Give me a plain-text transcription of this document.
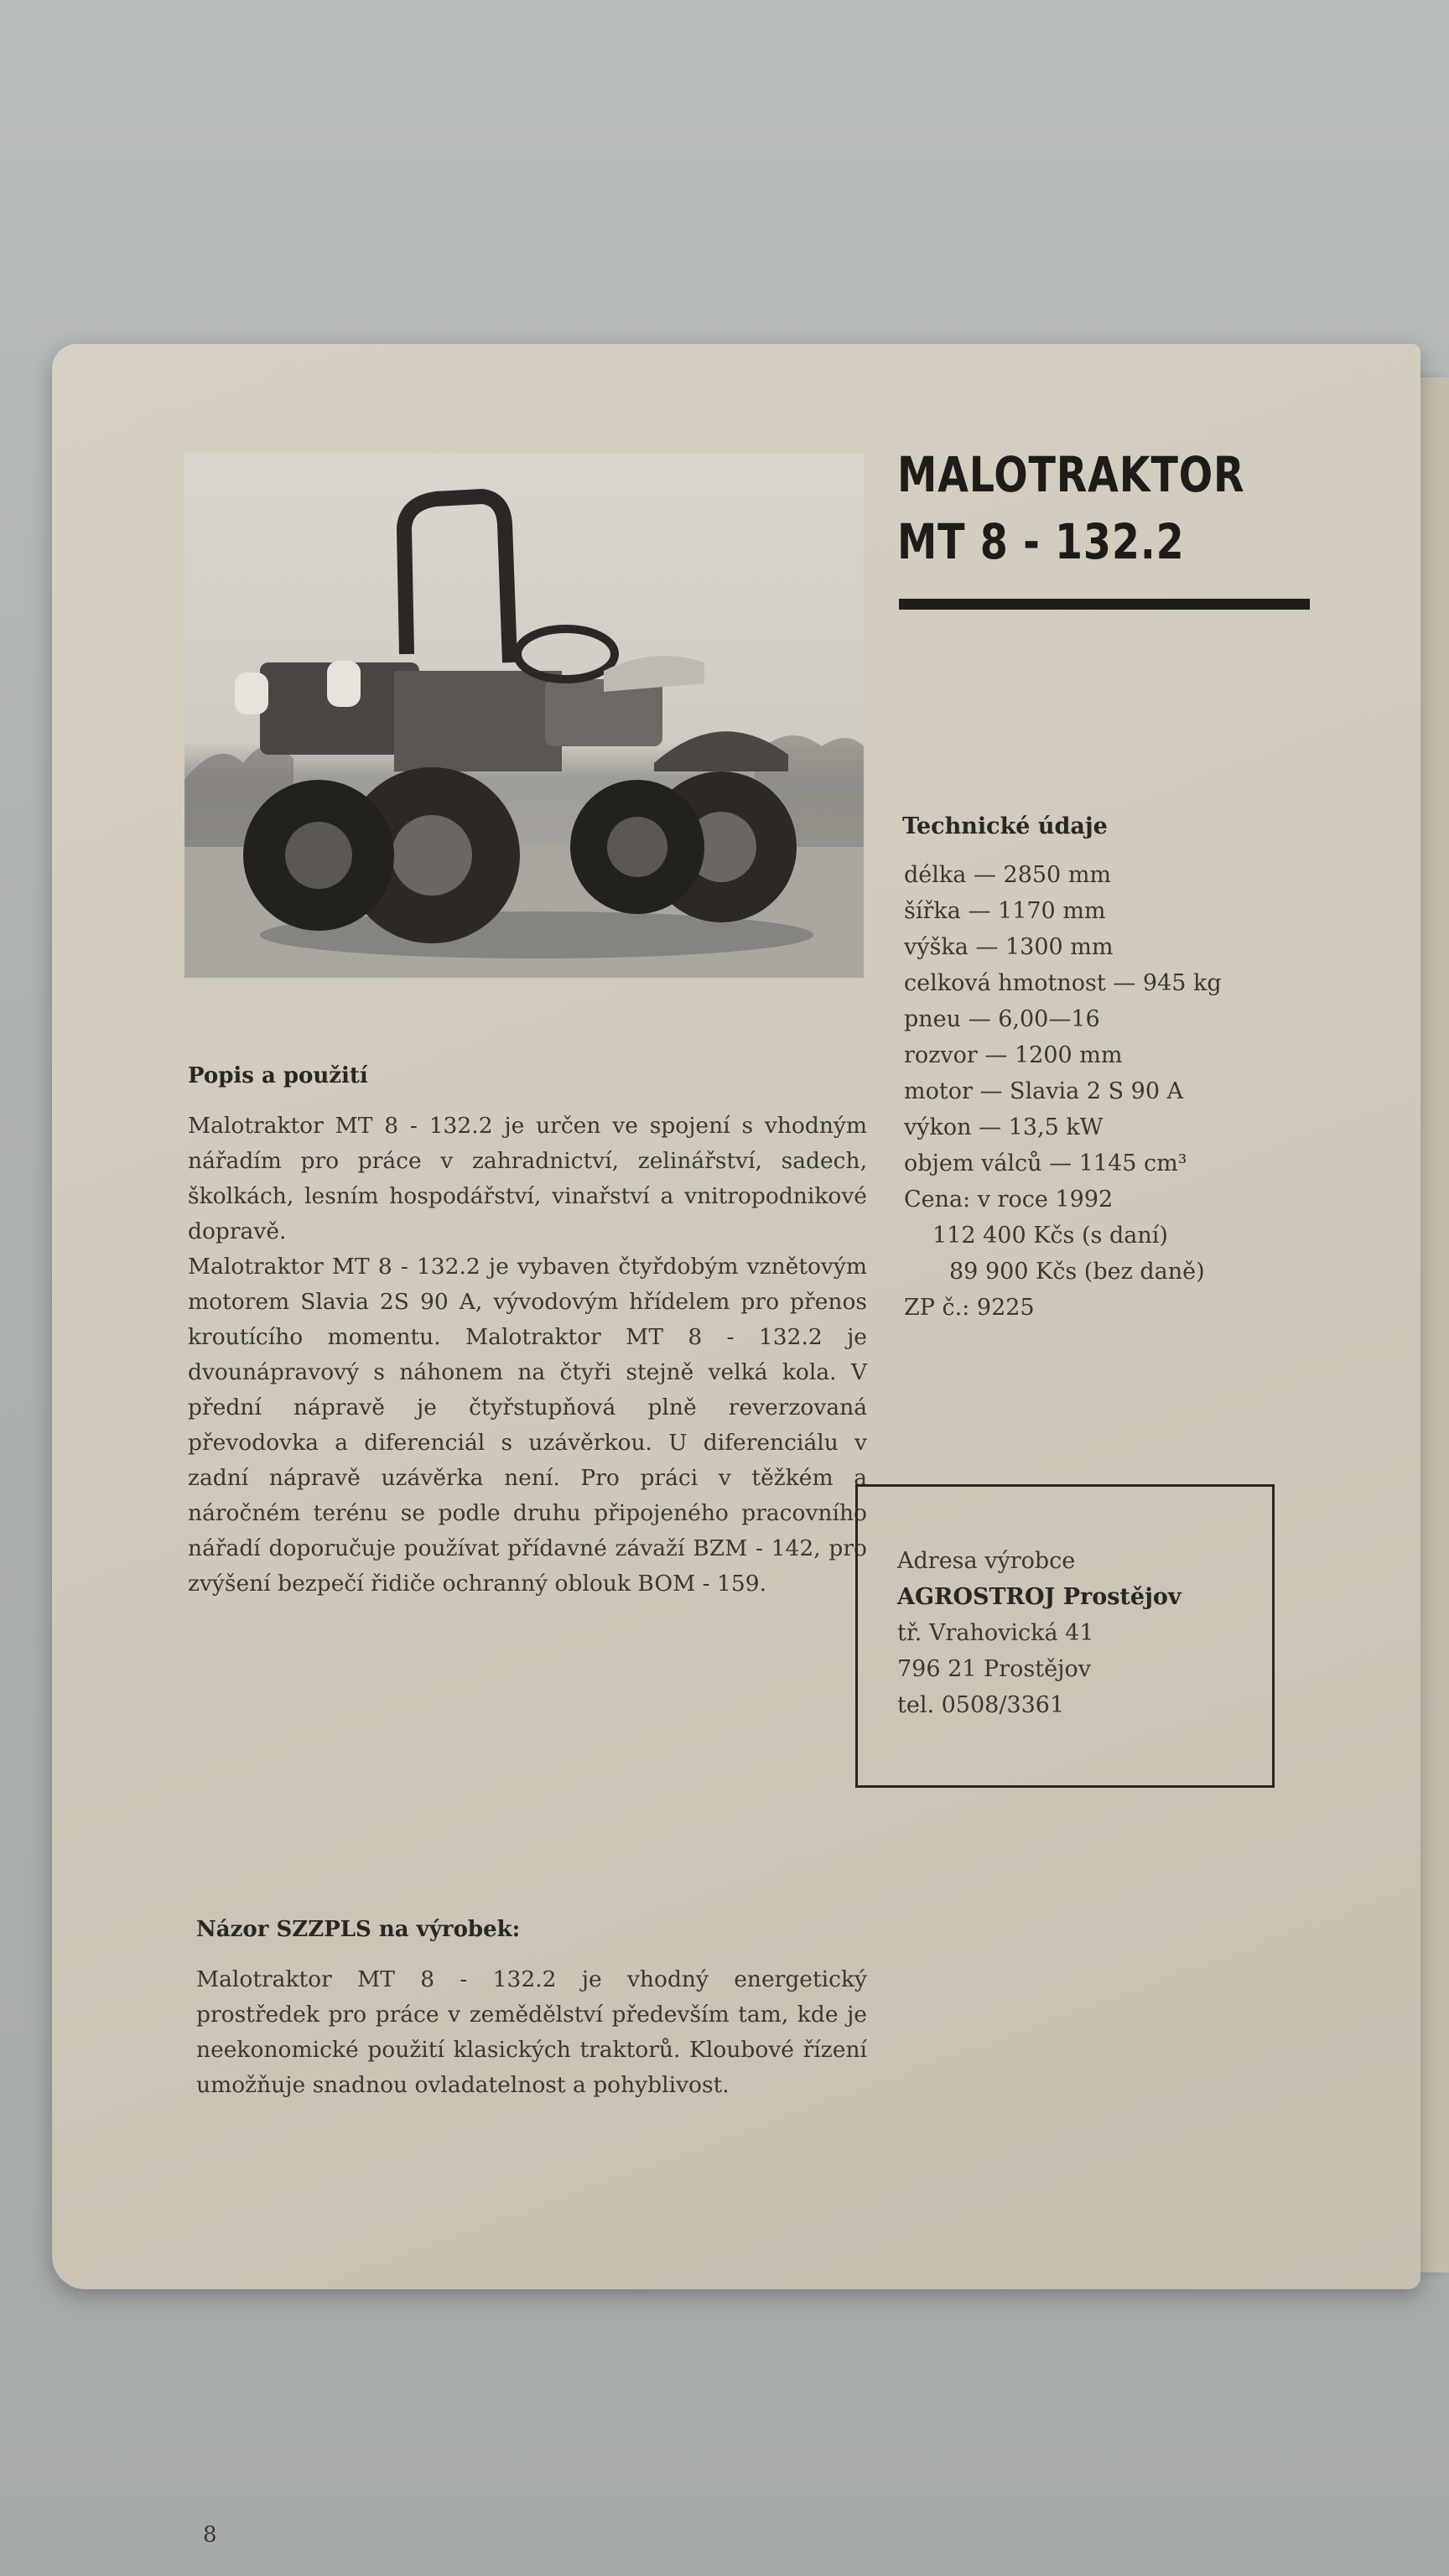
MALOTRAKTOR
MT 8 - 132.2
Technické údaje
délka — 2850 mm
šířka — 1170 mm
výška — 1300 mm
celková hmotnost — 945 kg
pneu — 6,00—16
rozvor — 1200 mm
motor — Slavia 2 S 90 A
výkon — 13,5 kW
objem válců — 1145 cm³
Cena: v roce 1992
112 400 Kčs (s daní)
89 900 Kčs (bez daně)
ZP č.: 9225
Popis a použití

Malotraktor MT 8 - 132.2 je určen ve spojení s vhodným nářadím pro práce v zahradnictví, zelinářství, sadech, školkách, lesním hospodářství, vinařství a vnitropodnikové dopravě.

Malotraktor MT 8 - 132.2 je vybaven čtyřdobým vznětovým motorem Slavia 2S 90 A, vývodovým hřídelem pro přenos kroutícího momentu. Malotraktor MT 8 - 132.2 je dvounápravový s náhonem na čtyři stejně velká kola. V přední nápravě je čtyřstupňová plně reverzovaná převodovka a diferenciál s uzávěrkou. U diferenciálu v zadní nápravě uzávěrka není. Pro práci v těžkém a náročném terénu se podle druhu připojeného pracovního nářadí doporučuje používat přídavné závaží BZM - 142, pro zvýšení bezpečí řidiče ochranný oblouk BOM - 159.

Názor SZZPLS na výrobek:

Malotraktor MT 8 - 132.2 je vhodný energetický prostředek pro práce v zemědělství především tam, kde je neekonomické použití klasických traktorů. Kloubové řízení umožňuje snadnou ovladatelnost a pohyblivost.

8
Adresa výrobce
AGROSTROJ Prostějov
tř. Vrahovická 41
796 21 Prostějov
tel. 0508/3361
